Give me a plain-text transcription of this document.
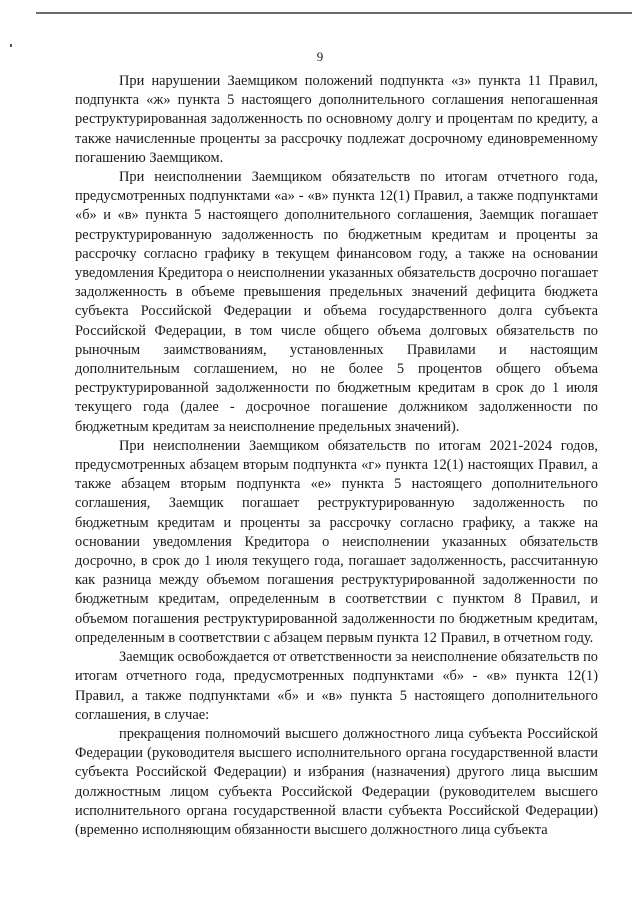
9

При нарушении Заемщиком положений подпункта «з» пункта 11 Правил, подпункта «ж» пункта 5 настоящего дополнительного соглашения непогашенная реструктурированная задолженность по основному долгу и процентам по кредиту, а также начисленные проценты за рассрочку подлежат досрочному единовременному погашению Заемщиком.

При неисполнении Заемщиком обязательств по итогам отчетного года, предусмотренных подпунктами «а» - «в» пункта 12(1) Правил, а также подпунктами «б» и «в» пункта 5 настоящего дополнительного соглашения, Заемщик погашает реструктурированную задолженность по бюджетным кредитам и проценты за рассрочку согласно графику в текущем финансовом году, а также на основании уведомления Кредитора о неисполнении указанных обязательств досрочно погашает задолженность в объеме превышения предельных значений дефицита бюджета субъекта Российской Федерации и объема государственного долга субъекта Российской Федерации, в том числе общего объема долговых обязательств по рыночным заимствованиям, установленных Правилами и настоящим дополнительным соглашением, но не более 5 процентов общего объема реструктурированной задолженности по бюджетным кредитам в срок до 1 июля текущего года (далее - досрочное погашение должником задолженности по бюджетным кредитам за неисполнение предельных значений).

При неисполнении Заемщиком обязательств по итогам 2021-2024 годов, предусмотренных абзацем вторым подпункта «г» пункта 12(1) настоящих Правил, а также абзацем вторым подпункта «е» пункта 5 настоящего дополнительного соглашения, Заемщик погашает реструктурированную задолженность по бюджетным кредитам и проценты за рассрочку согласно графику, а также на основании уведомления Кредитора о неисполнении указанных обязательств досрочно, в срок до 1 июля текущего года, погашает задолженность, рассчитанную как разница между объемом погашения реструктурированной задолженности по бюджетным кредитам, определенным в соответствии с пунктом 8 Правил, и объемом погашения реструктурированной задолженности по бюджетным кредитам, определенным в соответствии с абзацем первым пункта 12 Правил, в отчетном году.

Заемщик освобождается от ответственности за неисполнение обязательств по итогам отчетного года, предусмотренных подпунктами «б» - «в» пункта 12(1) Правил, а также подпунктами «б» и «в» пункта 5 настоящего дополнительного соглашения, в случае:

прекращения полномочий высшего должностного лица субъекта Российской Федерации (руководителя высшего исполнительного органа государственной власти субъекта Российской Федерации) и избрания (назначения) другого лица высшим должностным лицом субъекта Российской Федерации (руководителем высшего исполнительного органа государственной власти субъекта Российской Федерации) (временно исполняющим обязанности высшего должностного лица субъекта
